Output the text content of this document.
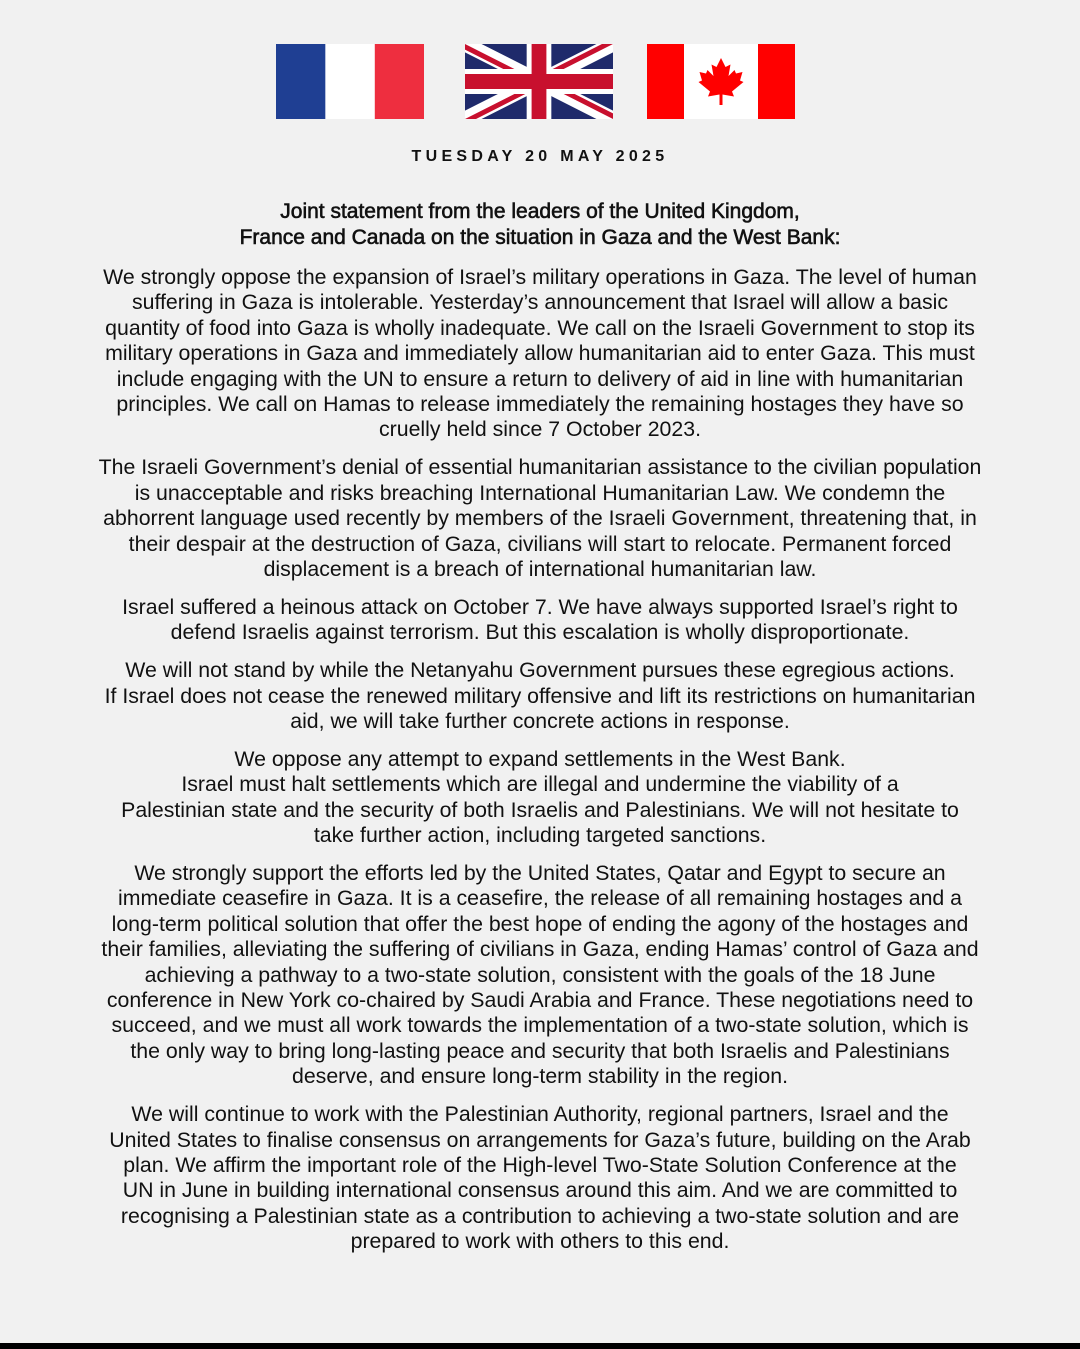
TUESDAY 20 MAY 2025
Joint statement from the leaders of the United Kingdom,
France and Canada on the situation in Gaza and the West Bank:
We strongly oppose the expansion of Israel’s military operations in Gaza. The level of human
suffering in Gaza is intolerable. Yesterday’s announcement that Israel will allow a basic
quantity of food into Gaza is wholly inadequate. We call on the Israeli Government to stop its
military operations in Gaza and immediately allow humanitarian aid to enter Gaza. This must
include engaging with the UN to ensure a return to delivery of aid in line with humanitarian
principles. We call on Hamas to release immediately the remaining hostages they have so
cruelly held since 7 October 2023.
The Israeli Government’s denial of essential humanitarian assistance to the civilian population
is unacceptable and risks breaching International Humanitarian Law. We condemn the
abhorrent language used recently by members of the Israeli Government, threatening that, in
their despair at the destruction of Gaza, civilians will start to relocate. Permanent forced
displacement is a breach of international humanitarian law.
Israel suffered a heinous attack on October 7. We have always supported Israel’s right to
defend Israelis against terrorism. But this escalation is wholly disproportionate.
We will not stand by while the Netanyahu Government pursues these egregious actions.
If Israel does not cease the renewed military offensive and lift its restrictions on humanitarian
aid, we will take further concrete actions in response.
We oppose any attempt to expand settlements in the West Bank.
Israel must halt settlements which are illegal and undermine the viability of a
Palestinian state and the security of both Israelis and Palestinians. We will not hesitate to
take further action, including targeted sanctions.
We strongly support the efforts led by the United States, Qatar and Egypt to secure an
immediate ceasefire in Gaza. It is a ceasefire, the release of all remaining hostages and a
long-term political solution that offer the best hope of ending the agony of the hostages and
their families, alleviating the suffering of civilians in Gaza, ending Hamas’ control of Gaza and
achieving a pathway to a two-state solution, consistent with the goals of the 18 June
conference in New York co-chaired by Saudi Arabia and France. These negotiations need to
succeed, and we must all work towards the implementation of a two-state solution, which is
the only way to bring long-lasting peace and security that both Israelis and Palestinians
deserve, and ensure long-term stability in the region.
We will continue to work with the Palestinian Authority, regional partners, Israel and the
United States to finalise consensus on arrangements for Gaza’s future, building on the Arab
plan. We affirm the important role of the High-level Two-State Solution Conference at the
UN in June in building international consensus around this aim. And we are committed to
recognising a Palestinian state as a contribution to achieving a two-state solution and are
prepared to work with others to this end.
